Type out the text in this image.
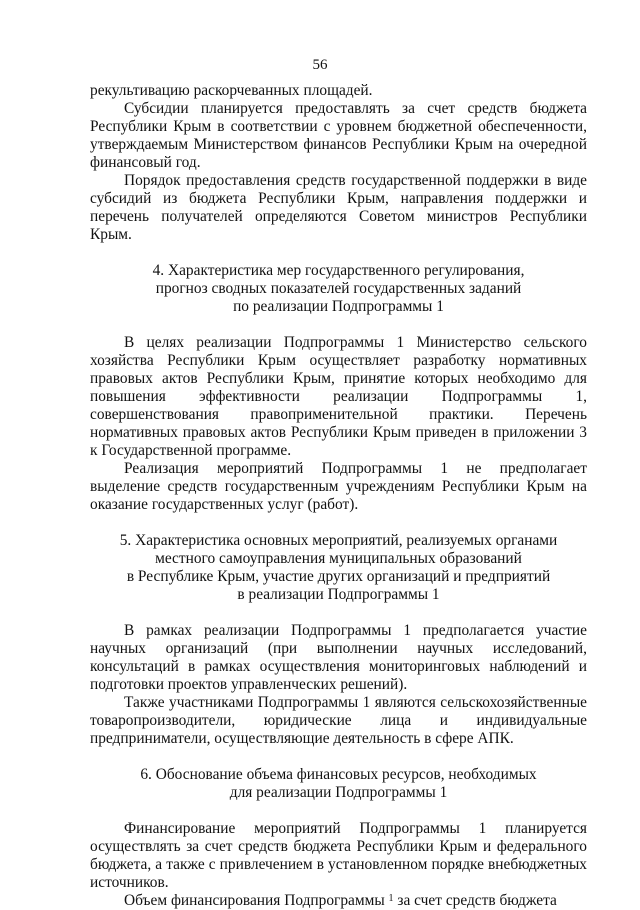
56

рекультивацию раскорчеванных площадей.

Субсидии планируется предоставлять за счет средств бюджета Республики Крым в соответствии с уровнем бюджетной обеспеченности, утверждаемым Министерством финансов Республики Крым на очередной финансовый год.

Порядок предоставления средств государственной поддержки в виде субсидий из бюджета Республики Крым, направления поддержки и перечень получателей определяются Советом министров Республики Крым.

4. Характеристика мер государственного регулирования,

прогноз сводных показателей государственных заданий

по реализации Подпрограммы 1

В целях реализации Подпрограммы 1 Министерство сельского хозяйства Республики Крым осуществляет разработку нормативных правовых актов Республики Крым, принятие которых необходимо для повышения эффективности реализации Подпрограммы 1, совершенствования правоприменительной практики. Перечень нормативных правовых актов Республики Крым приведен в приложении 3 к Государственной программе.

Реализация мероприятий Подпрограммы 1 не предполагает выделение средств государственным учреждениям Республики Крым на оказание государственных услуг (работ).

5. Характеристика основных мероприятий, реализуемых органами

местного самоуправления муниципальных образований

в Республике Крым, участие других организаций и предприятий

в реализации Подпрограммы 1

В рамках реализации Подпрограммы 1 предполагается участие научных организаций (при выполнении научных исследований, консультаций в рамках осуществления мониторинговых наблюдений и подготовки проектов управленческих решений).

Также участниками Подпрограммы 1 являются сельскохозяйственные товаропроизводители, юридические лица и индивидуальные предприниматели, осуществляющие деятельность в сфере АПК.

6. Обоснование объема финансовых ресурсов, необходимых

для реализации Подпрограммы 1

Финансирование мероприятий Подпрограммы 1 планируется осуществлять за счет средств бюджета Республики Крым и федерального бюджета, а также с привлечением в установленном порядке внебюджетных источников.

Объем финансирования Подпрограммы $^1$ за счет средств бюджета
